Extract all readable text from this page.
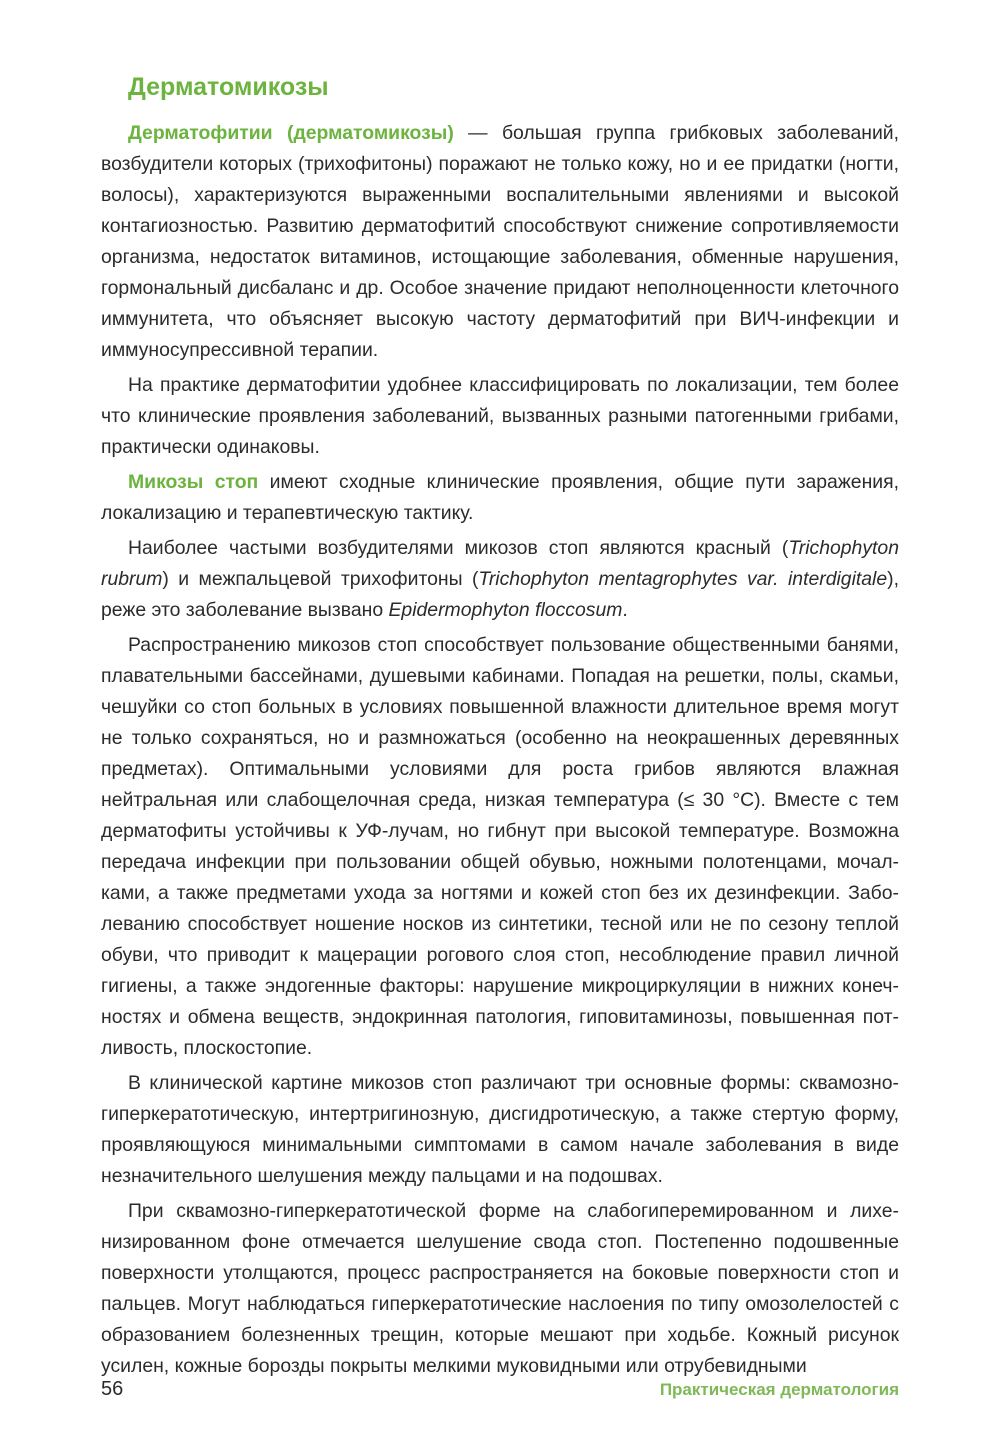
Дерматомикозы

Дерматофитии (дерматомикозы) — большая группа грибковых заболеваний, возбудители которых (трихофитоны) поражают не только кожу, но и ее придатки (ногти, волосы), характеризуются выраженными воспалительными явлениями и высокой контагиозностью. Развитию дерматофитий способствуют снижение сопротивляемости организма, недостаток витаминов, истощающие заболевания, обменные нарушения, гормональный дисбаланс и др. Особое значение придают неполноценности клеточного иммунитета, что объясняет высокую частоту дерматофитий при ВИЧ-инфекции и иммуносупрессивной терапии.

На практике дерматофитии удобнее классифицировать по локализации, тем более что клинические проявления заболеваний, вызванных разными патогенными грибами, практически одинаковы.

Микозы стоп имеют сходные клинические проявления, общие пути заражения, локализацию и терапевтическую тактику.

Наиболее частыми возбудителями микозов стоп являются красный (Trichophyton rubrum) и межпальцевой трихофитоны (Trichophyton mentagrophytes var. interdigitale), реже это заболевание вызвано Epidermophyton floccosum.

Распространению микозов стоп способствует пользование общественными банями, плавательными бассейнами, душевыми кабинами. Попадая на решетки, полы, скамьи, чешуйки со стоп больных в условиях повышенной влажности длительное время могут не только сохраняться, но и размножаться (особенно на неокрашенных деревянных предметах). Оптимальными условиями для роста грибов являются влажная нейтральная или слабощелочная среда, низкая температура (≤ 30 °C). Вместе с тем дерматофиты устойчивы к УФ-лучам, но гибнут при высокой температуре. Возможна передача инфекции при пользовании общей обувью, ножными полотенцами, мочалками, а также предметами ухода за ногтями и кожей стоп без их дезинфекции. Заболеванию способствует ношение носков из синтетики, тесной или не по сезону теплой обуви, что приводит к мацерации рогового слоя стоп, несоблюдение правил личной гигиены, а также эндогенные факторы: нарушение микроциркуляции в нижних конечностях и обмена веществ, эндокринная патология, гиповитаминозы, повышенная потливость, плоскостопие.

В клинической картине микозов стоп различают три основные формы: сквамозно-гиперкератотическую, интертригинозную, дисгидротическую, а также стертую форму, проявляющуюся минимальными симптомами в самом начале заболевания в виде незначительного шелушения между пальцами и на подошвах.

При сквамозно-гиперкератотической форме на слабогиперемированном и лихенизированном фоне отмечается шелушение свода стоп. Постепенно подошвенные поверхности утолщаются, процесс распространяется на боковые поверхности стоп и пальцев. Могут наблюдаться гиперкератотические наслоения по типу омозолелостей с образованием болезненных трещин, которые мешают при ходьбе. Кожный рисунок усилен, кожные борозды покрыты мелкими муковидными или отрубевидными

56	Практическая дерматология
